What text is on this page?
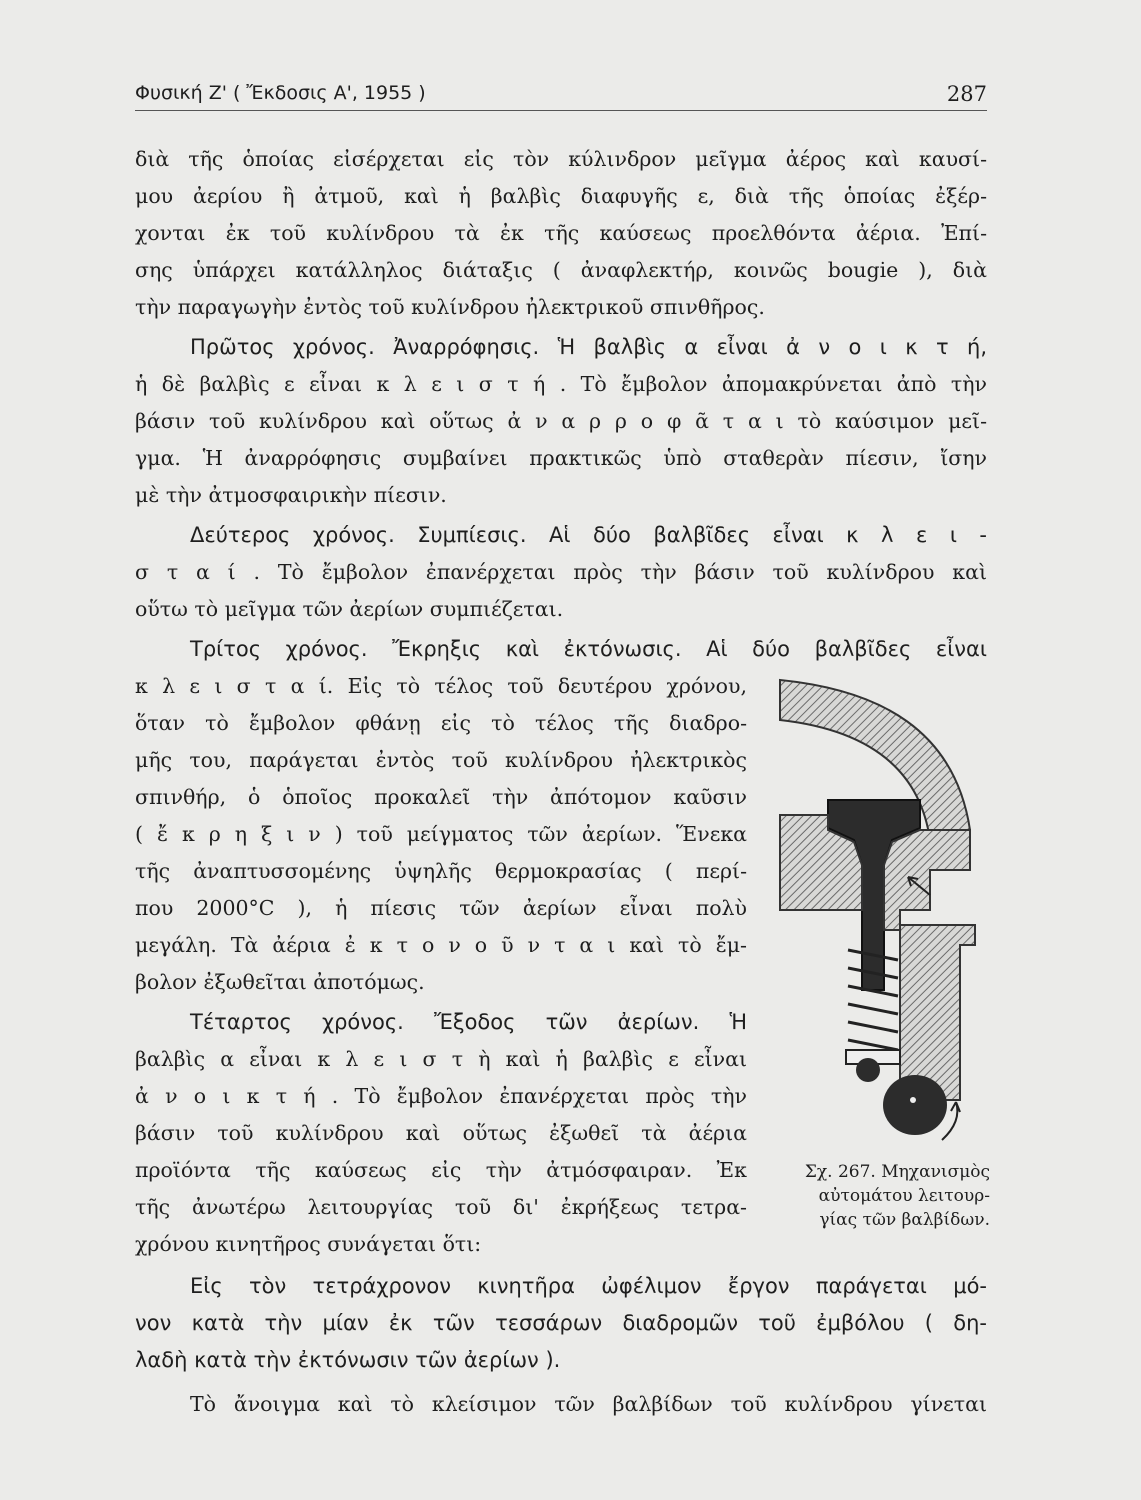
Φυσική Ζ' ( Ἔκδοσις Α', 1955 )	287
διὰ τῆς ὁποίας εἰσέρχεται εἰς τὸν κύλινδρον μεῖγμα ἀέρος καὶ καυσί-
μου ἀερίου ἢ ἀτμοῦ, καὶ ἡ βαλβὶς διαφυγῆς ε, διὰ τῆς ὁποίας ἐξέρ-
χονται ἐκ τοῦ κυλίνδρου τὰ ἐκ τῆς καύσεως προελθόντα ἀέρια. Ἐπί-
σης ὑπάρχει κατάλληλος διάταξις ( ἀναφλεκτήρ, κοινῶς bougie ), διὰ
τὴν παραγωγὴν ἐντὸς τοῦ κυλίνδρου ἠλεκτρικοῦ σπινθῆρος.
Πρῶτος χρόνος. Ἀναρρόφησις. Ἡ βαλβὶς α εἶναι ἀ ν ο ι κ τ ή,
ἡ δὲ βαλβὶς ε εἶναι κ λ ε ι σ τ ή . Τὸ ἔμβολον ἀπομακρύνεται ἀπὸ τὴν
βάσιν τοῦ κυλίνδρου καὶ οὕτως ἀ ν α ρ ρ ο φ ᾶ τ α ι τὸ καύσιμον μεῖ-
γμα. Ἡ ἀναρρόφησις συμβαίνει πρακτικῶς ὑπὸ σταθερὰν πίεσιν, ἴσην
μὲ τὴν ἀτμοσφαιρικὴν πίεσιν.
Δεύτερος χρόνος. Συμπίεσις. Αἱ δύο βαλβῖδες εἶναι κ λ ε ι -
σ τ α ί . Τὸ ἔμβολον ἐπανέρχεται πρὸς τὴν βάσιν τοῦ κυλίνδρου καὶ
οὕτω τὸ μεῖγμα τῶν ἀερίων συμπιέζεται.
Τρίτος χρόνος. Ἔκρηξις καὶ ἐκτόνωσις. Αἱ δύο βαλβῖδες εἶναι
κ λ ε ι σ τ α ί. Εἰς τὸ τέλος τοῦ δευτέρου χρόνου,
ὅταν τὸ ἔμβολον φθάνῃ εἰς τὸ τέλος τῆς διαδρο-
μῆς του, παράγεται ἐντὸς τοῦ κυλίνδρου ἠλεκτρικὸς
σπινθήρ, ὁ ὁποῖος προκαλεῖ τὴν ἀπότομον καῦσιν
( ἔ κ ρ η ξ ι ν ) τοῦ μείγματος τῶν ἀερίων. Ἕνεκα
τῆς ἀναπτυσσομένης ὑψηλῆς θερμοκρασίας ( περί-
που 2000°C ), ἡ πίεσις τῶν ἀερίων εἶναι πολὺ
μεγάλη. Τὰ ἀέρια ἐ κ τ ο ν ο ῦ ν τ α ι καὶ τὸ ἔμ-
βολον ἐξωθεῖται ἀποτόμως.
Τέταρτος χρόνος. Ἔξοδος τῶν ἀερίων. Ἡ
βαλβὶς α εἶναι κ λ ε ι σ τ ὴ καὶ ἡ βαλβὶς ε εἶναι
ἀ ν ο ι κ τ ή . Τὸ ἔμβολον ἐπανέρχεται πρὸς τὴν
βάσιν τοῦ κυλίνδρου καὶ οὕτως ἐξωθεῖ τὰ ἀέρια
προϊόντα τῆς καύσεως εἰς τὴν ἀτμόσφαιραν. Ἐκ
τῆς ἀνωτέρω λειτουργίας τοῦ δι' ἐκρήξεως τετρα-
χρόνου κινητῆρος συνάγεται ὅτι:
Εἰς τὸν τετράχρονον κινητῆρα ὠφέλιμον ἔργον παράγεται μό-
νον κατὰ τὴν μίαν ἐκ τῶν τεσσάρων διαδρομῶν τοῦ ἐμβόλου ( δη-
λαδὴ κατὰ τὴν ἐκτόνωσιν τῶν ἀερίων ).
Τὸ ἄνοιγμα καὶ τὸ κλείσιμον τῶν βαλβίδων τοῦ κυλίνδρου γίνεται
Σχ. 267. Μηχανισμὸς
αὐτομάτου λειτουρ-
γίας τῶν βαλβίδων.
